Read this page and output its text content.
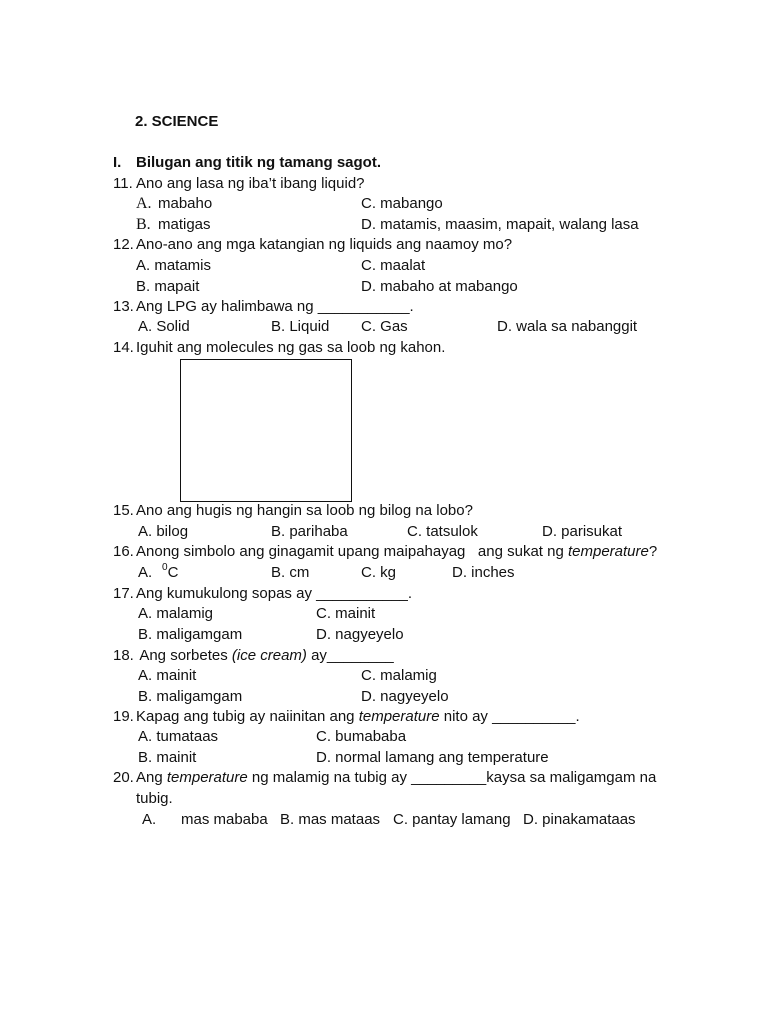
2. SCIENCE
I. Bilugan ang titik ng tamang sagot.
11. Ano ang lasa ng iba’t ibang liquid?
A. mabaho	C. mabango
B. matigas	D. matamis, maasim, mapait, walang lasa
12. Ano-ano ang mga katangian ng liquids ang naamoy mo?
A. matamis	C. maalat
B. mapait	D. mabaho at mabango
13. Ang LPG ay halimbawa ng ___________.
A. Solid	B. Liquid C. Gas	D. wala sa nabanggit
14. Iguhit ang molecules ng gas sa loob ng kahon.
15. Ano ang hugis ng hangin sa loob ng bilog na lobo?
A. bilog	B. parihaba	C. tatsulok	D. parisukat
16. Anong simbolo ang ginagamit upang maipahayag   ang sukat ng temperature?
A. $^0$C	B. cm	C. kg	D. inches
17. Ang kumukulong sopas ay ___________.
A. malamig	C. mainit
B. maligamgam	D. nagyeyelo
18. Ang sorbetes (ice cream) ay________
A. mainit	C. malamig
B. maligamgam	D. nagyeyelo
19. Kapag ang tubig ay naiinitan ang temperature nito ay __________.
A. tumataas	C. bumababa
B. mainit	D. normal lamang ang temperature
20. Ang temperature ng malamig na tubig ay _________kaysa sa maligamgam na
tubig.
A. mas mababa B. mas mataas C. pantay lamang D. pinakamataas
